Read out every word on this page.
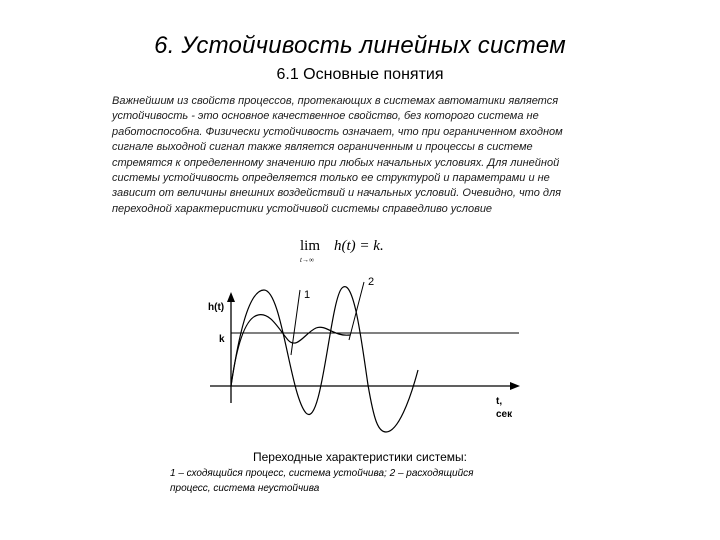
6. Устойчивость линейных систем
6.1 Основные понятия
Важнейшим из свойств процессов, протекающих в системах автоматики является
устойчивость - это основное качественное свойство, без которого система не
работоспособна. Физически устойчивость означает, что при ограниченном входном
сигнале выходной сигнал также является ограниченным и процессы в системе
стремятся к определенному значению при любых начальных условиях. Для линейной
системы устойчивость определяется только ее структурой и параметрами и не
зависит от величины внешних воздействий и начальных условий. Очевидно, что для
переходной характеристики устойчивой системы справедливо условие
lim
t→∞
h(t) = k.
h(t)
k
t,
сек
1
2
Переходные характеристики системы:
1 – сходящийся процесс, система устойчива; 2 – расходящийся
процесс, система неустойчива
